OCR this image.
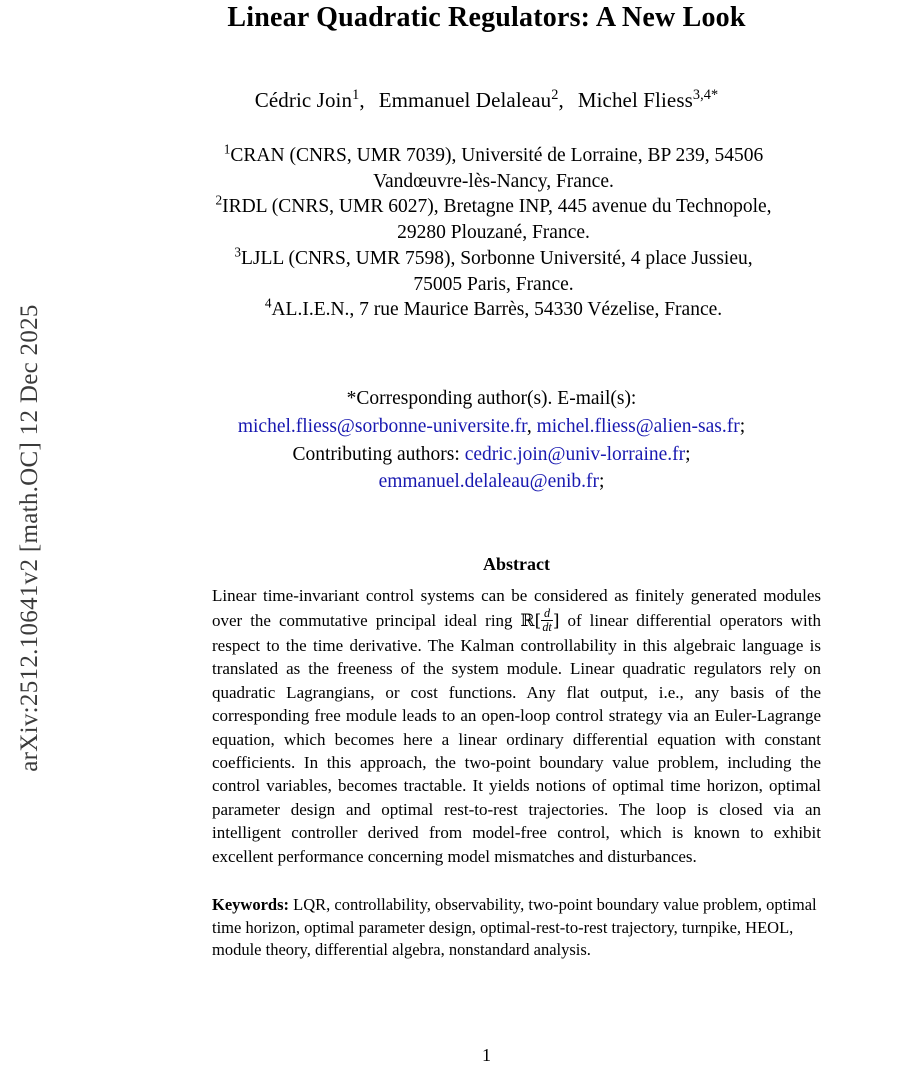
arXiv:2512.10641v2 [math.OC] 12 Dec 2025
Linear Quadratic Regulators: A New Look
Cédric Join$^1$, Emmanuel Delaleau$^2$, Michel Fliess$^{3,4*}$

$^1$CRAN (CNRS, UMR 7039), Université de Lorraine, BP 239, 54506

Vandœuvre-lès-Nancy, France.

$^2$IRDL (CNRS, UMR 6027), Bretagne INP, 445 avenue du Technopole,

29280 Plouzané, France.

$^3$LJLL (CNRS, UMR 7598), Sorbonne Université, 4 place Jussieu,

75005 Paris, France.

$^4$AL.I.E.N., 7 rue Maurice Barrès, 54330 Vézelise, France.

*Corresponding author(s). E-mail(s):
michel.fliess@sorbonne-universite.fr, michel.fliess@alien-sas.fr;
Contributing authors: cedric.join@univ-lorraine.fr;
emmanuel.delaleau@enib.fr;
Abstract
Linear time-invariant control systems can be considered as finitely generated modules over the commutative principal ideal ring ℝ[ $\frac{d}{dt}$ ] of linear differential operators with respect to the time derivative. The Kalman controllability in this algebraic language is translated as the freeness of the system module. Linear quadratic regulators rely on quadratic Lagrangians, or cost functions. Any flat output, i.e., any basis of the corresponding free module leads to an open-loop control strategy via an Euler-Lagrange equation, which becomes here a linear ordinary differential equation with constant coefficients. In this approach, the two-point boundary value problem, including the control variables, becomes tractable. It yields notions of optimal time horizon, optimal parameter design and optimal rest-to-rest trajectories. The loop is closed via an intelligent controller derived from model-free control, which is known to exhibit excellent performance concerning model mismatches and disturbances.
Keywords: LQR, controllability, observability, two-point boundary value problem, optimal time horizon, optimal parameter design, optimal-rest-to-rest trajectory, turnpike, HEOL, module theory, differential algebra, nonstandard analysis.
1
